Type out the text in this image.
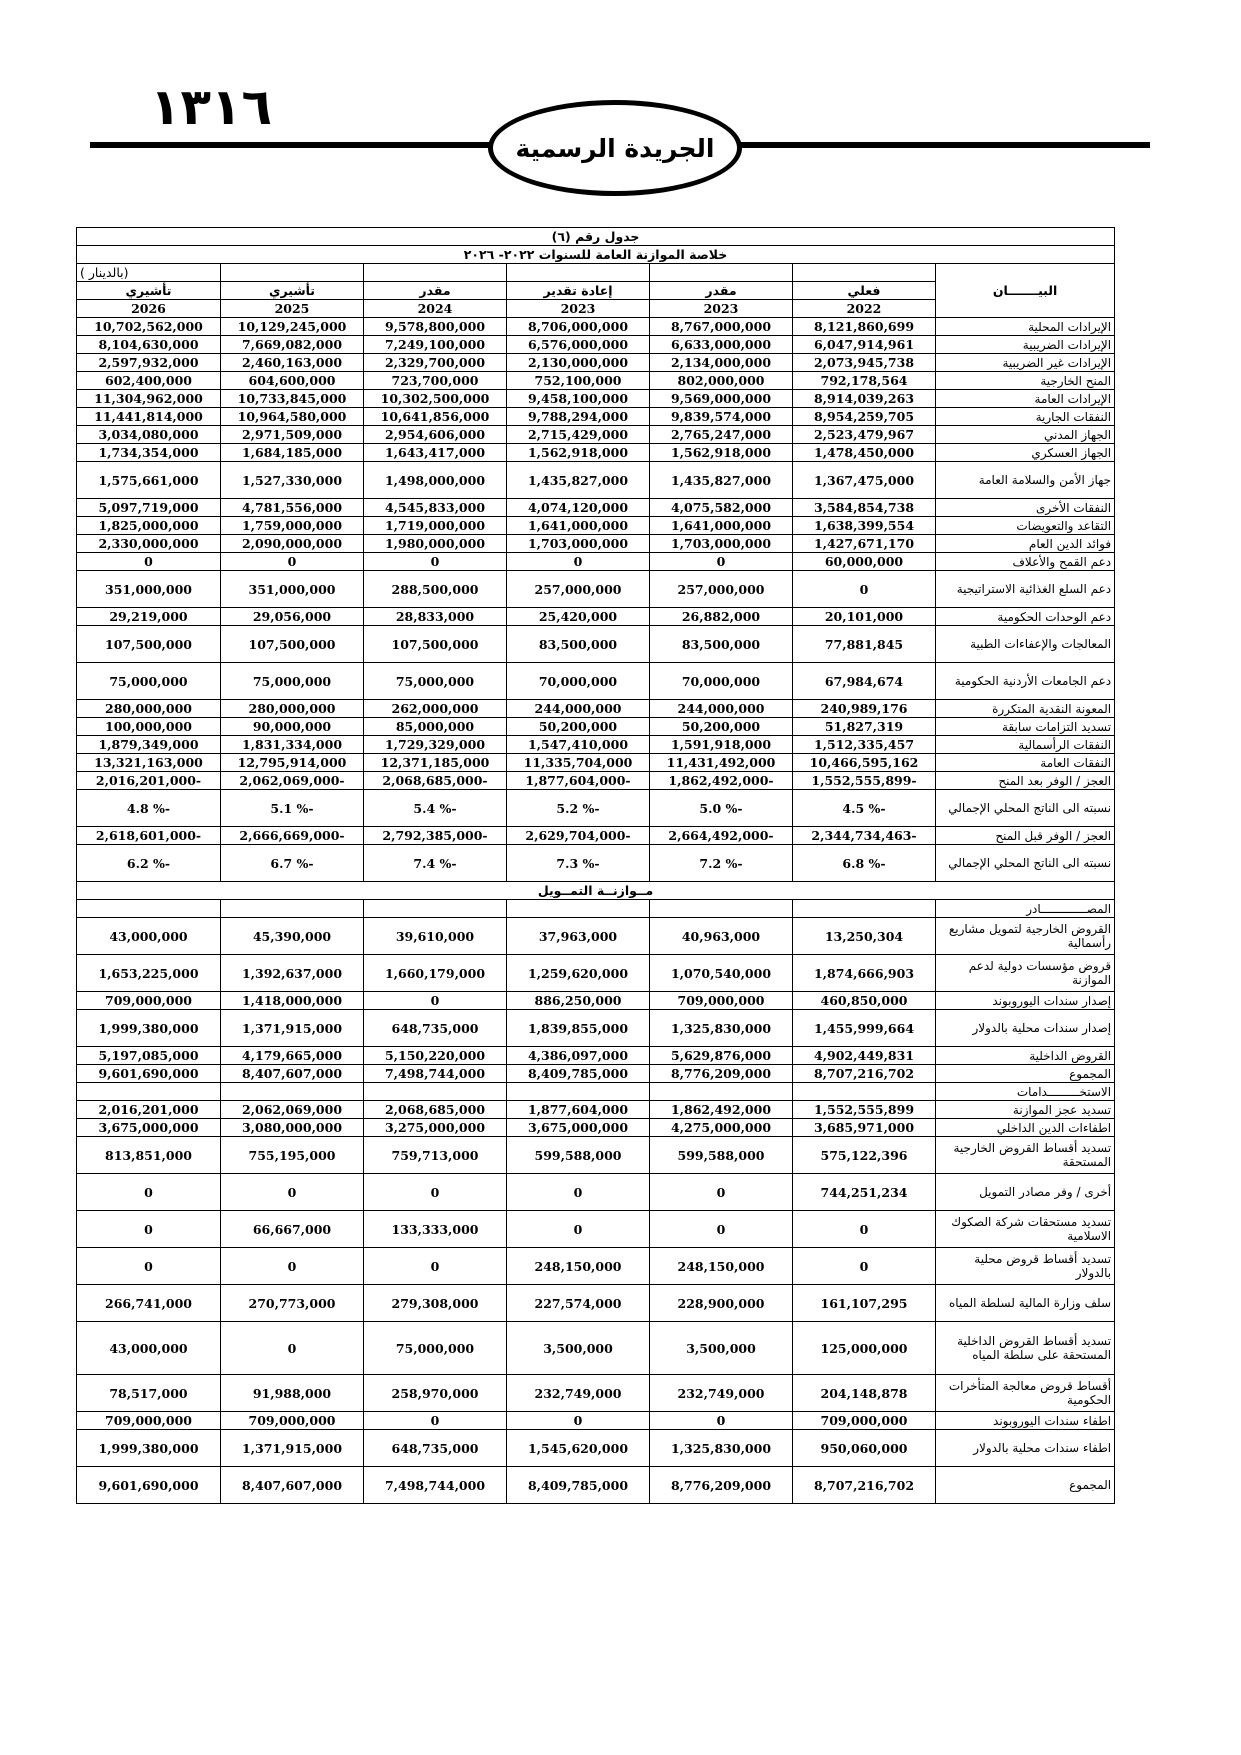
١٣١٦
الجريدة الرسمية
جدول رقم (٦)						
خلاصة الموازنة العامة للسنوات ٢٠٢٢- ٢٠٢٦						
(بالدينار )						البيـــــــان
تأشيري	تأشيري	مقدر	إعادة تقدير	مقدر	فعلي	
2026	2025	2024	2023	2023	2022	
10,702,562,000	10,129,245,000	9,578,800,000	8,706,000,000	8,767,000,000	8,121,860,699	الإيرادات المحلية
8,104,630,000	7,669,082,000	7,249,100,000	6,576,000,000	6,633,000,000	6,047,914,961	الإيرادات الضريبية
2,597,932,000	2,460,163,000	2,329,700,000	2,130,000,000	2,134,000,000	2,073,945,738	الإيرادات غير الضريبية
602,400,000	604,600,000	723,700,000	752,100,000	802,000,000	792,178,564	المنح الخارجية
11,304,962,000	10,733,845,000	10,302,500,000	9,458,100,000	9,569,000,000	8,914,039,263	الإيرادات العامة
11,441,814,000	10,964,580,000	10,641,856,000	9,788,294,000	9,839,574,000	8,954,259,705	النفقات الجارية
3,034,080,000	2,971,509,000	2,954,606,000	2,715,429,000	2,765,247,000	2,523,479,967	الجهاز المدني
1,734,354,000	1,684,185,000	1,643,417,000	1,562,918,000	1,562,918,000	1,478,450,000	الجهاز العسكري
1,575,661,000	1,527,330,000	1,498,000,000	1,435,827,000	1,435,827,000	1,367,475,000	جهاز الأمن والسلامة العامة
5,097,719,000	4,781,556,000	4,545,833,000	4,074,120,000	4,075,582,000	3,584,854,738	النفقات الأخرى
1,825,000,000	1,759,000,000	1,719,000,000	1,641,000,000	1,641,000,000	1,638,399,554	التقاعد والتعويضات
2,330,000,000	2,090,000,000	1,980,000,000	1,703,000,000	1,703,000,000	1,427,671,170	فوائد الدين العام
0	0	0	0	0	60,000,000	دعم القمح والأعلاف
351,000,000	351,000,000	288,500,000	257,000,000	257,000,000	0	دعم السلع الغذائية الاستراتيجية
29,219,000	29,056,000	28,833,000	25,420,000	26,882,000	20,101,000	دعم الوحدات الحكومية
107,500,000	107,500,000	107,500,000	83,500,000	83,500,000	77,881,845	المعالجات والإعفاءات الطبية
75,000,000	75,000,000	75,000,000	70,000,000	70,000,000	67,984,674	دعم الجامعات الأردنية الحكومية
280,000,000	280,000,000	262,000,000	244,000,000	244,000,000	240,989,176	المعونة النقدية المتكررة
100,000,000	90,000,000	85,000,000	50,200,000	50,200,000	51,827,319	تسديد التزامات سابقة
1,879,349,000	1,831,334,000	1,729,329,000	1,547,410,000	1,591,918,000	1,512,335,457	النفقات الرأسمالية
13,321,163,000	12,795,914,000	12,371,185,000	11,335,704,000	11,431,492,000	10,466,595,162	النفقات العامة
2,016,201,000-	2,062,069,000-	2,068,685,000-	1,877,604,000-	1,862,492,000-	1,552,555,899-	العجز / الوفر بعد المنح
4.8 %-	5.1 %-	5.4 %-	5.2 %-	5.0 %-	4.5 %-	نسبته الى الناتج المحلي الإجمالي
2,618,601,000-	2,666,669,000-	2,792,385,000-	2,629,704,000-	2,664,492,000-	2,344,734,463-	العجز / الوفر قبل المنح
6.2 %-	6.7 %-	7.4 %-	7.3 %-	7.2 %-	6.8 %-	نسبته الى الناتج المحلي الإجمالي
مــوازنــة التمــويل						
						المصـــــــــــــادر
43,000,000	45,390,000	39,610,000	37,963,000	40,963,000	13,250,304	القروض الخارجية لتمويل مشاريع رأسمالية
1,653,225,000	1,392,637,000	1,660,179,000	1,259,620,000	1,070,540,000	1,874,666,903	قروض مؤسسات دولية لدعم الموازنة
709,000,000	1,418,000,000	0	886,250,000	709,000,000	460,850,000	إصدار سندات اليوروبوند
1,999,380,000	1,371,915,000	648,735,000	1,839,855,000	1,325,830,000	1,455,999,664	إصدار سندات محلية بالدولار
5,197,085,000	4,179,665,000	5,150,220,000	4,386,097,000	5,629,876,000	4,902,449,831	القروض الداخلية
9,601,690,000	8,407,607,000	7,498,744,000	8,409,785,000	8,776,209,000	8,707,216,702	المجموع
						الاستخـــــــــدامات
2,016,201,000	2,062,069,000	2,068,685,000	1,877,604,000	1,862,492,000	1,552,555,899	تسديد عجز الموازنة
3,675,000,000	3,080,000,000	3,275,000,000	3,675,000,000	4,275,000,000	3,685,971,000	اطفاءات الدين الداخلي
813,851,000	755,195,000	759,713,000	599,588,000	599,588,000	575,122,396	تسديد أقساط القروض الخارجية المستحقة
0	0	0	0	0	744,251,234	أخرى / وفر مصادر التمويل
0	66,667,000	133,333,000	0	0	0	تسديد مستحقات شركة الصكوك الاسلامية
0	0	0	248,150,000	248,150,000	0	تسديد أقساط قروض محلية بالدولار
266,741,000	270,773,000	279,308,000	227,574,000	228,900,000	161,107,295	سلف وزارة المالية لسلطة المياه
43,000,000	0	75,000,000	3,500,000	3,500,000	125,000,000	تسديد أقساط القروض الداخلية المستحقة على سلطة المياه
78,517,000	91,988,000	258,970,000	232,749,000	232,749,000	204,148,878	أقساط قروض معالجة المتأخرات الحكومية
709,000,000	709,000,000	0	0	0	709,000,000	اطفاء سندات اليوروبوند
1,999,380,000	1,371,915,000	648,735,000	1,545,620,000	1,325,830,000	950,060,000	اطفاء سندات محلية بالدولار
9,601,690,000	8,407,607,000	7,498,744,000	8,409,785,000	8,776,209,000	8,707,216,702	المجموع
